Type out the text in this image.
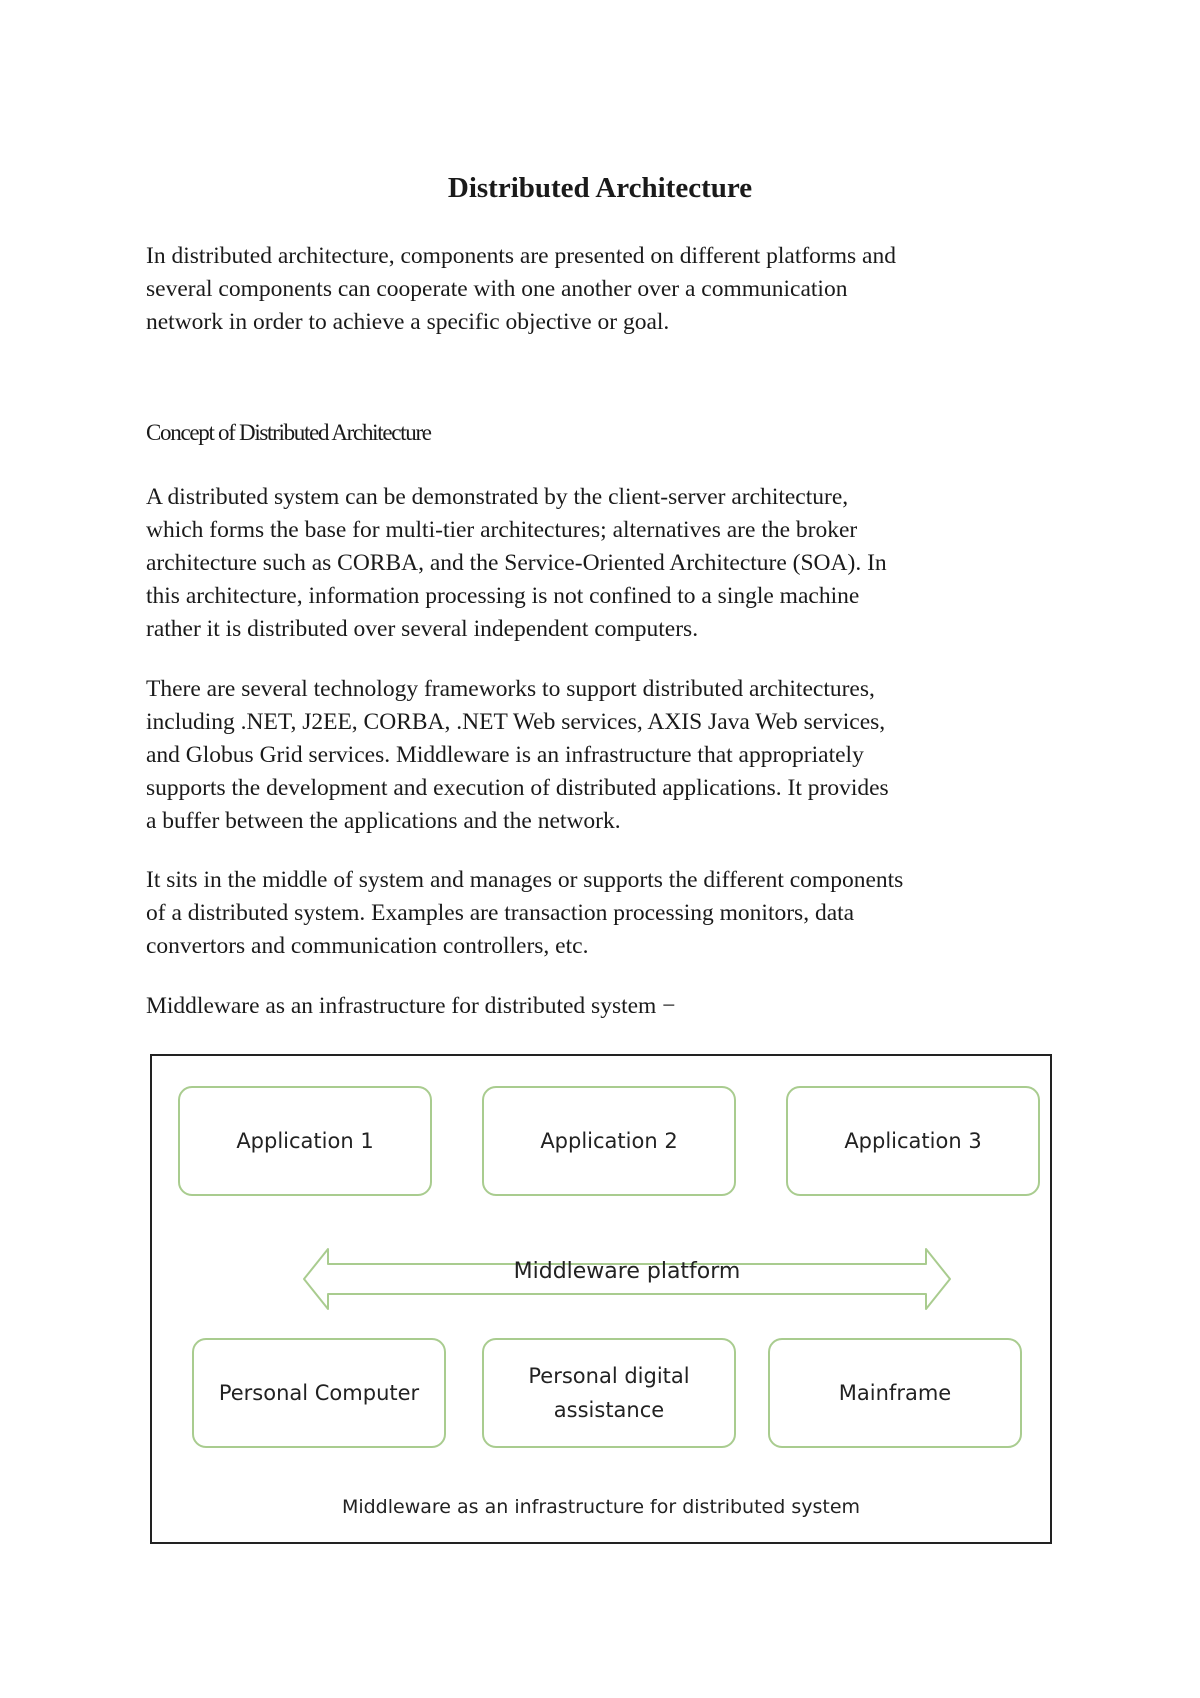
Distributed Architecture

In distributed architecture, components are presented on different platforms and
several components can cooperate with one another over a communication
network in order to achieve a specific objective or goal.

Concept of Distributed Architecture

A distributed system can be demonstrated by the client-server architecture,
which forms the base for multi-tier architectures; alternatives are the broker
architecture such as CORBA, and the Service-Oriented Architecture (SOA). In
this architecture, information processing is not confined to a single machine
rather it is distributed over several independent computers.

There are several technology frameworks to support distributed architectures,
including .NET, J2EE, CORBA, .NET Web services, AXIS Java Web services,
and Globus Grid services. Middleware is an infrastructure that appropriately
supports the development and execution of distributed applications. It provides
a buffer between the applications and the network.

It sits in the middle of system and manages or supports the different components
of a distributed system. Examples are transaction processing monitors, data
convertors and communication controllers, etc.

Middleware as an infrastructure for distributed system −

Application 1	Application 2	Application 3
Middleware platform
Personal Computer
Personal digital
assistance
Mainframe
Middleware as an infrastructure for distributed system
